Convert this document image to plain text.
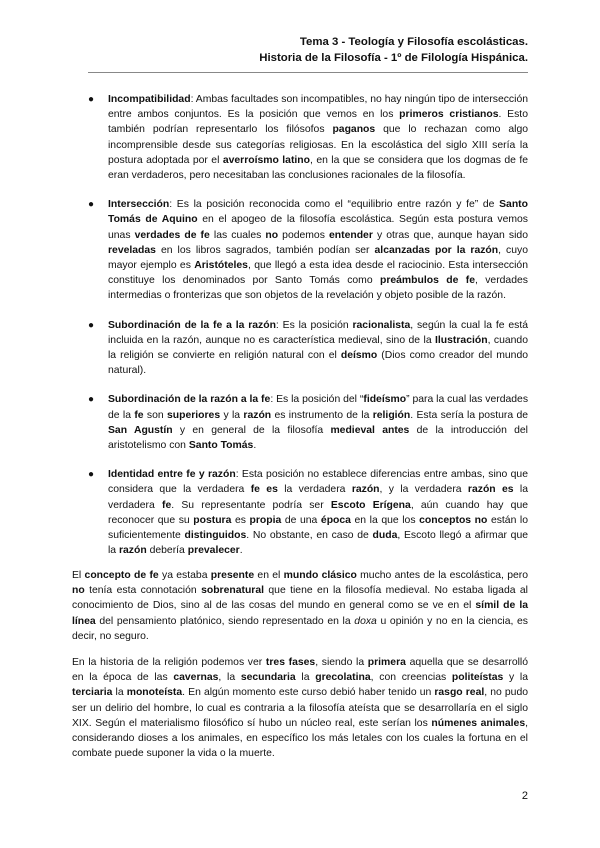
Tema 3 - Teología y Filosofía escolásticas.
Historia de la Filosofía - 1º de Filología Hispánica.
● Incompatibilidad: Ambas facultades son incompatibles, no hay ningún tipo de intersección entre ambos conjuntos. Es la posición que vemos en los primeros cristianos. Esto también podrían representarlo los filósofos paganos que lo rechazan como algo incomprensible desde sus categorías religiosas. En la escolástica del siglo XIII sería la postura adoptada por el averroísmo latino, en la que se considera que los dogmas de fe eran verdaderos, pero necesitaban las conclusiones racionales de la filosofía.
● Intersección: Es la posición reconocida como el “equilibrio entre razón y fe” de Santo Tomás de Aquino en el apogeo de la filosofía escolástica. Según esta postura vemos unas verdades de fe las cuales no podemos entender y otras que, aunque hayan sido reveladas en los libros sagrados, también podían ser alcanzadas por la razón, cuyo mayor ejemplo es Aristóteles, que llegó a esta idea desde el raciocinio. Esta intersección constituye los denominados por Santo Tomás como preámbulos de fe, verdades intermedias o fronterizas que son objetos de la revelación y objeto posible de la razón.
● Subordinación de la fe a la razón: Es la posición racionalista, según la cual la fe está incluida en la razón, aunque no es característica medieval, sino de la Ilustración, cuando la religión se convierte en religión natural con el deísmo (Dios como creador del mundo natural).
● Subordinación de la razón a la fe: Es la posición del “fideísmo” para la cual las verdades de la fe son superiores y la razón es instrumento de la religión. Esta sería la postura de San Agustín y en general de la filosofía medieval antes de la introducción del aristotelismo con Santo Tomás.
● Identidad entre fe y razón: Esta posición no establece diferencias entre ambas, sino que considera que la verdadera fe es la verdadera razón, y la verdadera razón es la verdadera fe. Su representante podría ser Escoto Erígena, aún cuando hay que reconocer que su postura es propia de una época en la que los conceptos no están lo suficientemente distinguidos. No obstante, en caso de duda, Escoto llegó a afirmar que la razón debería prevalecer.

El concepto de fe ya estaba presente en el mundo clásico mucho antes de la escolástica, pero no tenía esta connotación sobrenatural que tiene en la filosofía medieval. No estaba ligada al conocimiento de Dios, sino al de las cosas del mundo en general como se ve en el símil de la línea del pensamiento platónico, siendo representado en la doxa u opinión y no en la ciencia, es decir, no seguro.

En la historia de la religión podemos ver tres fases, siendo la primera aquella que se desarrolló en la época de las cavernas, la secundaria la grecolatina, con creencias politeístas y la terciaria la monoteísta. En algún momento este curso debió haber tenido un rasgo real, no pudo ser un delirio del hombre, lo cual es contraria a la filosofía ateísta que se desarrollaría en el siglo XIX. Según el materialismo filosófico sí hubo un núcleo real, este serían los númenes animales, considerando dioses a los animales, en específico los más letales con los cuales la fortuna en el combate puede suponer la vida o la muerte.

2
